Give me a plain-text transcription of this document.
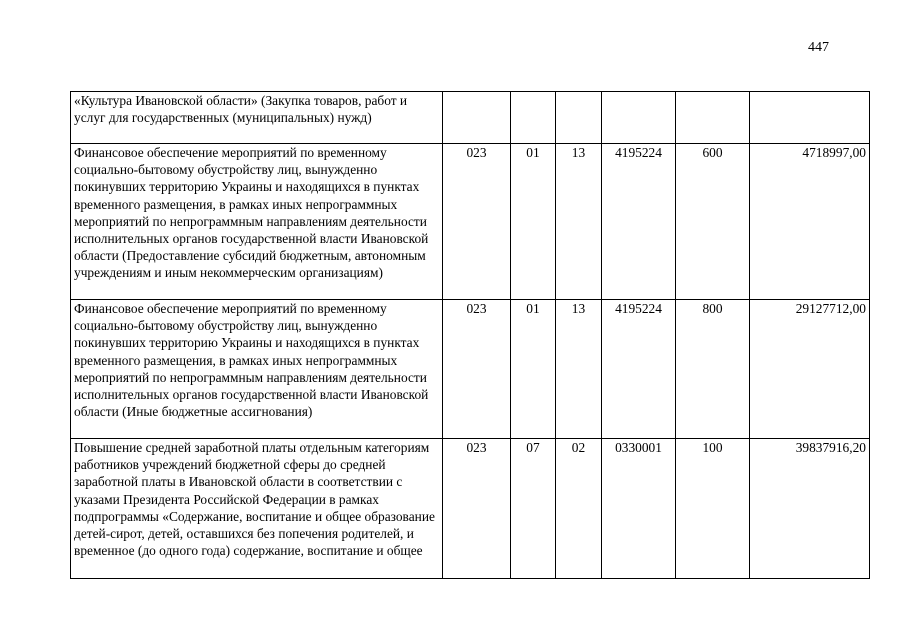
447
«Культура Ивановской области» (Закупка товаров, работ и услуг для государственных (муниципальных) нужд)						
Финансовое обеспечение мероприятий по временному социально-бытовому обустройству лиц, вынужденно покинувших территорию Украины и находящихся в пунктах временного размещения, в рамках иных непрограммных мероприятий по непрограммным направлениям деятельности исполнительных органов государственной власти Ивановской области (Предоставление субсидий бюджетным, автономным учреждениям и иным некоммерческим организациям)	023	01	13	4195224	600	4718997,00
Финансовое обеспечение мероприятий по временному социально-бытовому обустройству лиц, вынужденно покинувших территорию Украины и находящихся в пунктах временного размещения, в рамках иных непрограммных мероприятий по непрограммным направлениям деятельности исполнительных органов государственной власти Ивановской области (Иные бюджетные ассигнования)	023	01	13	4195224	800	29127712,00
Повышение средней заработной платы отдельным категориям работников учреждений бюджетной сферы до средней заработной платы в Ивановской области в соответствии с указами Президента Российской Федерации в рамках подпрограммы «Содержание, воспитание и общее образование детей-сирот, детей, оставшихся без попечения родителей, и временное (до одного года) содержание, воспитание и общее	023	07	02	0330001	100	39837916,20
